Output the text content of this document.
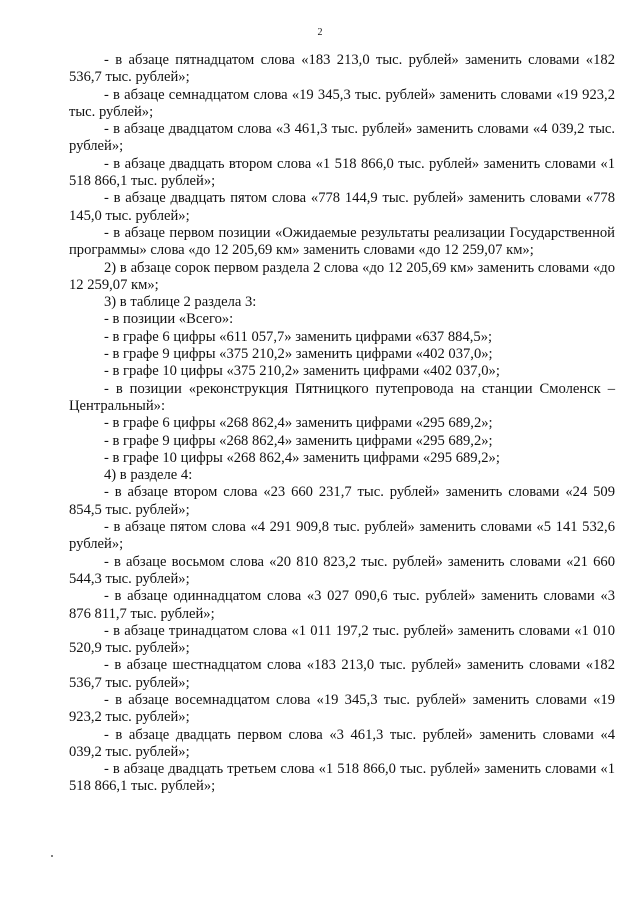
2

- в абзаце пятнадцатом слова «183 213,0 тыс. рублей» заменить словами «182 536,7 тыс. рублей»;

- в абзаце семнадцатом слова «19 345,3 тыс. рублей» заменить словами «19 923,2 тыс. рублей»;

- в абзаце двадцатом слова «3 461,3 тыс. рублей» заменить словами «4 039,2 тыс. рублей»;

- в абзаце двадцать втором слова «1 518 866,0 тыс. рублей» заменить словами «1 518 866,1 тыс. рублей»;

- в абзаце двадцать пятом слова «778 144,9 тыс. рублей» заменить словами «778 145,0 тыс. рублей»;

- в абзаце первом позиции «Ожидаемые результаты реализации Государственной программы» слова «до 12 205,69 км» заменить словами «до 12 259,07 км»;

2) в абзаце сорок первом раздела 2 слова «до 12 205,69 км» заменить словами «до 12 259,07 км»;

3) в таблице 2 раздела 3:

- в позиции «Всего»:

- в графе 6 цифры «611 057,7» заменить цифрами «637 884,5»;

- в графе 9 цифры «375 210,2» заменить цифрами «402 037,0»;

- в графе 10 цифры «375 210,2» заменить цифрами «402 037,0»;

- в позиции «реконструкция Пятницкого путепровода на станции Смоленск – Центральный»:

- в графе 6 цифры «268 862,4» заменить цифрами «295 689,2»;

- в графе 9 цифры «268 862,4» заменить цифрами «295 689,2»;

- в графе 10 цифры «268 862,4» заменить цифрами «295 689,2»;

4) в разделе 4:

- в абзаце втором слова «23 660 231,7 тыс. рублей» заменить словами «24 509 854,5 тыс. рублей»;

- в абзаце пятом слова «4 291 909,8 тыс. рублей» заменить словами «5 141 532,6 рублей»;

- в абзаце восьмом слова «20 810 823,2 тыс. рублей» заменить словами «21 660 544,3 тыс. рублей»;

- в абзаце одиннадцатом слова «3 027 090,6 тыс. рублей» заменить словами «3 876 811,7 тыс. рублей»;

- в абзаце тринадцатом слова «1 011 197,2 тыс. рублей» заменить словами «1 010 520,9 тыс. рублей»;

- в абзаце шестнадцатом слова «183 213,0 тыс. рублей» заменить словами «182 536,7 тыс. рублей»;

- в абзаце восемнадцатом слова «19 345,3 тыс. рублей» заменить словами «19 923,2 тыс. рублей»;

- в абзаце двадцать первом слова «3 461,3 тыс. рублей» заменить словами «4 039,2 тыс. рублей»;

- в абзаце двадцать третьем слова «1 518 866,0 тыс. рублей» заменить словами «1 518 866,1 тыс. рублей»;
